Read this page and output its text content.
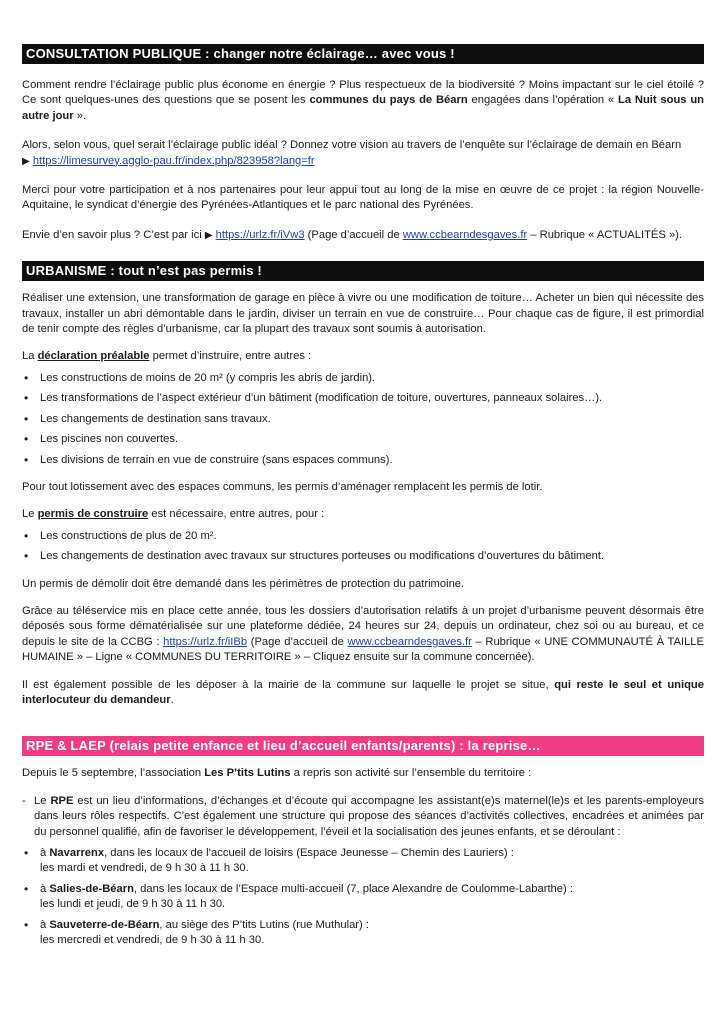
CONSULTATION PUBLIQUE : changer notre éclairage… avec vous !

Comment rendre l’éclairage public plus économe en énergie ? Plus respectueux de la biodiversité ? Moins impactant sur le ciel étoilé ? Ce sont quelques-unes des questions que se posent les communes du pays de Béarn engagées dans l’opération « La Nuit sous un autre jour ».

Alors, selon vous, quel serait l’éclairage public idéal ? Donnez votre vision au travers de l’enquête sur l’éclairage de demain en Béarn
▶ https://limesurvey.agglo-pau.fr/index.php/823958?lang=fr

Merci pour votre participation et à nos partenaires pour leur appui tout au long de la mise en œuvre de ce projet : la région Nouvelle-Aquitaine, le syndicat d’énergie des Pyrénées-Atlantiques et le parc national des Pyrénées.

Envie d’en savoir plus ? C’est par ici ▶ https://urlz.fr/iVw3 (Page d’accueil de www.ccbearndesgaves.fr – Rubrique « ACTUALITÉS »).

URBANISME : tout n’est pas permis !

Réaliser une extension, une transformation de garage en pièce à vivre ou une modification de toiture… Acheter un bien qui nécessite des travaux, installer un abri démontable dans le jardin, diviser un terrain en vue de construire… Pour chaque cas de figure, il est primordial de tenir compte des règles d’urbanisme, car la plupart des travaux sont soumis à autorisation.

La déclaration préalable permet d’instruire, entre autres :

• Les constructions de moins de 20 m² (y compris les abris de jardin).
• Les transformations de l’aspect extérieur d’un bâtiment (modification de toiture, ouvertures, panneaux solaires…).
• Les changements de destination sans travaux.
• Les piscines non couvertes.
• Les divisions de terrain en vue de construire (sans espaces communs).

Pour tout lotissement avec des espaces communs, les permis d’aménager remplacent les permis de lotir.

Le permis de construire est nécessaire, entre autres, pour :

• Les constructions de plus de 20 m².
• Les changements de destination avec travaux sur structures porteuses ou modifications d’ouvertures du bâtiment.

Un permis de démolir doit être demandé dans les périmètres de protection du patrimoine.

Grâce au téléservice mis en place cette année, tous les dossiers d’autorisation relatifs à un projet d’urbanisme peuvent désormais être déposés sous forme dématérialisée sur une plateforme dédiée, 24 heures sur 24, depuis un ordinateur, chez soi ou au bureau, et ce depuis le site de la CCBG : https://urlz.fr/iIBb (Page d’accueil de www.ccbearndesgaves.fr – Rubrique « UNE COMMUNAUTÉ À TAILLE HUMAINE » – Ligne « COMMUNES DU TERRITOIRE » – Cliquez ensuite sur la commune concernée).

Il est également possible de les déposer à la mairie de la commune sur laquelle le projet se situe, qui reste le seul et unique interlocuteur du demandeur.

RPE & LAEP (relais petite enfance et lieu d’accueil enfants/parents) : la reprise…

Depuis le 5 septembre, l’association Les P’tits Lutins a repris son activité sur l’ensemble du territoire :

- Le RPE est un lieu d’informations, d’échanges et d’écoute qui accompagne les assistant(e)s maternel(le)s et les parents-employeurs dans leurs rôles respectifs. C’est également une structure qui propose des séances d’activités collectives, encadrées et animées par du personnel qualifié, afin de favoriser le développement, l’éveil et la socialisation des jeunes enfants, et se déroulant :

• à Navarrenx, dans les locaux de l’accueil de loisirs (Espace Jeunesse – Chemin des Lauriers) :
les mardi et vendredi, de 9 h 30 à 11 h 30.
• à Salies-de-Béarn, dans les locaux de l’Espace multi-accueil (7, place Alexandre de Coulomme-Labarthe) :
les lundi et jeudi, de 9 h 30 à 11 h 30.
• à Sauveterre-de-Béarn, au siège des P’tits Lutins (rue Muthular) :
les mercredi et vendredi, de 9 h 30 à 11 h 30.
